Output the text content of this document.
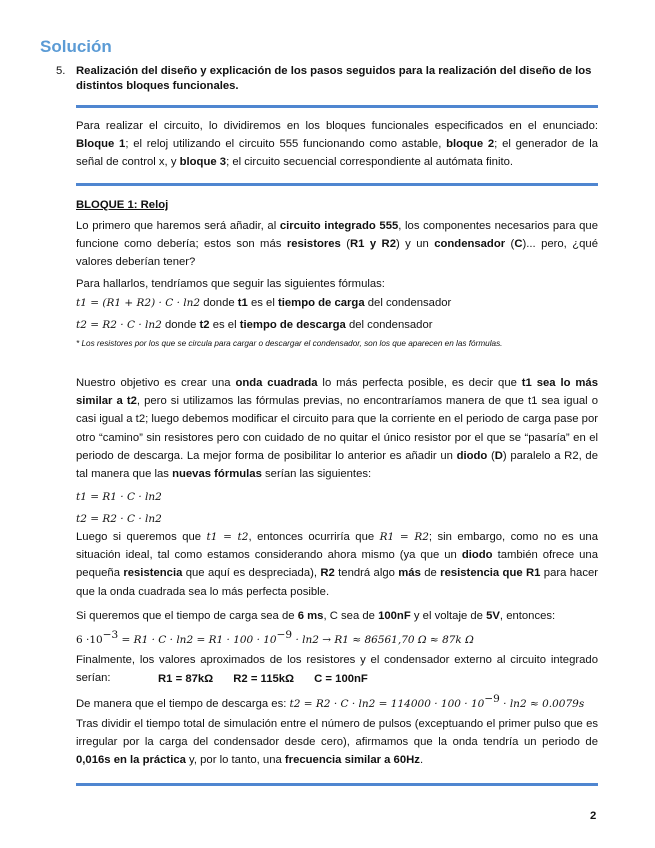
Solución
5. Realización del diseño y explicación de los pasos seguidos para la realización del diseño de los distintos bloques funcionales.
Para realizar el circuito, lo dividiremos en los bloques funcionales especificados en el enunciado: Bloque 1; el reloj utilizando el circuito 555 funcionando como astable, bloque 2; el generador de la señal de control x, y bloque 3; el circuito secuencial correspondiente al autómata finito.
BLOQUE 1: Reloj
Lo primero que haremos será añadir, al circuito integrado 555, los componentes necesarios para que funcione como debería; estos son más resistores (R1 y R2) y un condensador (C)... pero, ¿qué valores deberían tener?
Para hallarlos, tendríamos que seguir las siguientes fórmulas:
t1 = (R1 + R2) · C · ln2 donde t1 es el tiempo de carga del condensador
t2 = R2 · C · ln2 donde t2 es el tiempo de descarga del condensador
* Los resistores por los que se circula para cargar o descargar el condensador, son los que aparecen en las fórmulas.
Nuestro objetivo es crear una onda cuadrada lo más perfecta posible, es decir que t1 sea lo más similar a t2, pero si utilizamos las fórmulas previas, no encontraríamos manera de que t1 sea igual o casi igual a t2; luego debemos modificar el circuito para que la corriente en el periodo de carga pase por otro “camino” sin resistores pero con cuidado de no quitar el único resistor por el que se “pasaría” en el periodo de descarga. La mejor forma de posibilitar lo anterior es añadir un diodo (D) paralelo a R2, de tal manera que las nuevas fórmulas serían las siguientes:
t1 = R1 · C · ln2
t2 = R2 · C · ln2
Luego si queremos que t1 = t2, entonces ocurriría que R1 = R2; sin embargo, como no es una situación ideal, tal como estamos considerando ahora mismo (ya que un diodo también ofrece una pequeña resistencia que aquí es despreciada), R2 tendrá algo más de resistencia que R1 para hacer que la onda cuadrada sea lo más perfecta posible.
Si queremos que el tiempo de carga sea de 6 ms, C sea de 100nF y el voltaje de 5V, entonces:
$6 \cdot 10^{-3} = R1 \cdot C \cdot \ln 2 = R1 \cdot 100 \cdot 10^{-9} \cdot \ln 2 \to R1 \approx 86561,70$ Ω ≈ 87k Ω
Finalmente, los valores aproximados de los resistores y el condensador externo al circuito integrado serían:	R1 = 87kΩ R2 = 115kΩ C = 100nF
De manera que el tiempo de descarga es: $t2 = R2 \cdot C \cdot \ln 2 = 114000 \cdot 100 \cdot 10^{-9} \cdot \ln 2 \approx 0.0079s$
Tras dividir el tiempo total de simulación entre el número de pulsos (exceptuando el primer pulso que es irregular por la carga del condensador desde cero), afirmamos que la onda tendría un periodo de 0,016s en la práctica y, por lo tanto, una frecuencia similar a 60Hz.
2
